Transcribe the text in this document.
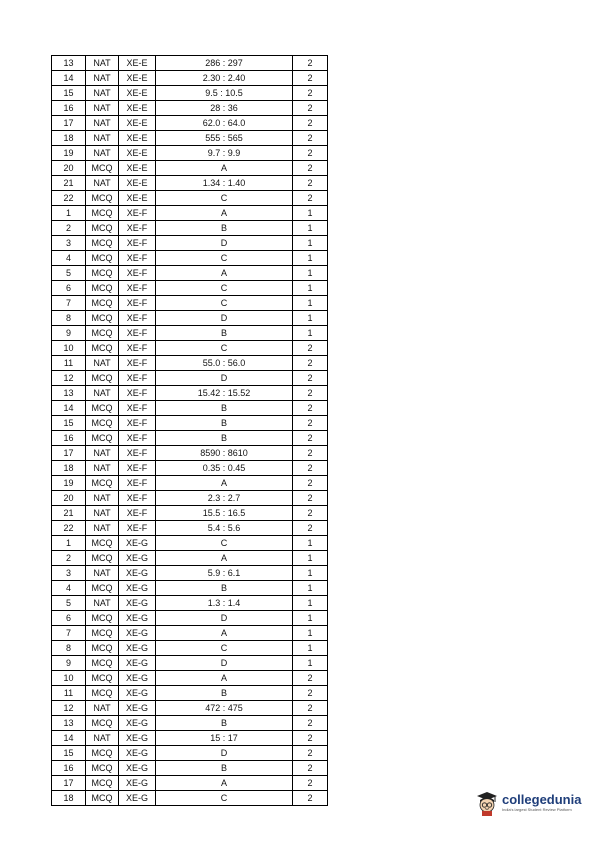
13	NAT	XE-E	286 : 297	2
14	NAT	XE-E	2.30 : 2.40	2
15	NAT	XE-E	9.5 : 10.5	2
16	NAT	XE-E	28 : 36	2
17	NAT	XE-E	62.0 : 64.0	2
18	NAT	XE-E	555 : 565	2
19	NAT	XE-E	9.7 : 9.9	2
20	MCQ	XE-E	A	2
21	NAT	XE-E	1.34 : 1.40	2
22	MCQ	XE-E	C	2
1	MCQ	XE-F	A	1
2	MCQ	XE-F	B	1
3	MCQ	XE-F	D	1
4	MCQ	XE-F	C	1
5	MCQ	XE-F	A	1
6	MCQ	XE-F	C	1
7	MCQ	XE-F	C	1
8	MCQ	XE-F	D	1
9	MCQ	XE-F	B	1
10	MCQ	XE-F	C	2
11	NAT	XE-F	55.0 : 56.0	2
12	MCQ	XE-F	D	2
13	NAT	XE-F	15.42 : 15.52	2
14	MCQ	XE-F	B	2
15	MCQ	XE-F	B	2
16	MCQ	XE-F	B	2
17	NAT	XE-F	8590 : 8610	2
18	NAT	XE-F	0.35 : 0.45	2
19	MCQ	XE-F	A	2
20	NAT	XE-F	2.3 : 2.7	2
21	NAT	XE-F	15.5 : 16.5	2
22	NAT	XE-F	5.4 : 5.6	2
1	MCQ	XE-G	C	1
2	MCQ	XE-G	A	1
3	NAT	XE-G	5.9 : 6.1	1
4	MCQ	XE-G	B	1
5	NAT	XE-G	1.3 : 1.4	1
6	MCQ	XE-G	D	1
7	MCQ	XE-G	A	1
8	MCQ	XE-G	C	1
9	MCQ	XE-G	D	1
10	MCQ	XE-G	A	2
11	MCQ	XE-G	B	2
12	NAT	XE-G	472 : 475	2
13	MCQ	XE-G	B	2
14	NAT	XE-G	15 : 17	2
15	MCQ	XE-G	D	2
16	MCQ	XE-G	B	2
17	MCQ	XE-G	A	2
18	MCQ	XE-G	C	2	collegedunia
India's largest Student Review Platform
